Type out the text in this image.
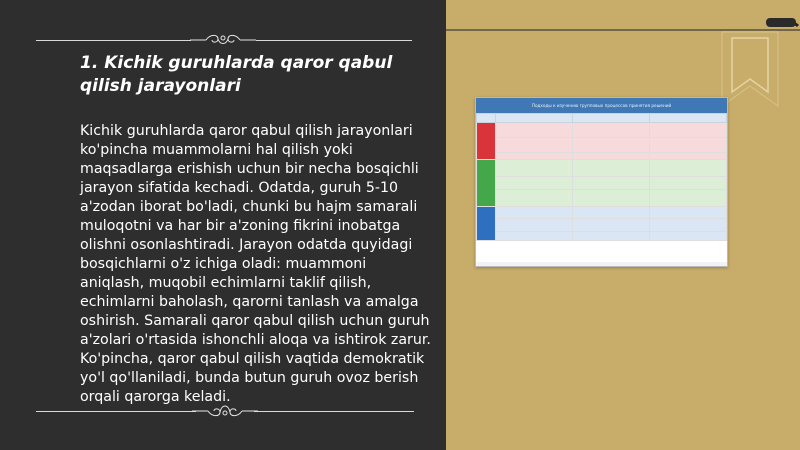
1. Kichik guruhlarda qaror qabul qilish jarayonlari

Kichik guruhlarda qaror qabul qilish jarayonlari ko'pincha muammolarni hal qilish yoki maqsadlarga erishish uchun bir necha bosqichli jarayon sifatida kechadi. Odatda, guruh 5-10 a'zodan iborat bo'ladi, chunki bu hajm samarali muloqotni va har bir a'zoning fikrini inobatga olishni osonlashtiradi. Jarayon odatda quyidagi bosqichlarni o'z ichiga oladi: muammoni aniqlash, muqobil echimlarni taklif qilish, echimlarni baholash, qarorni tanlash va amalga oshirish. Samarali qaror qabul qilish uchun guruh a'zolari o'rtasida ishonchli aloqa va ishtirok zarur. Ko'pincha, qaror qabul qilish vaqtida demokratik yo'l qo'llaniladi, bunda butun guruh ovoz berish orqali qarorga keladi.

Подходы к изучению групповых процессов принятия решений
